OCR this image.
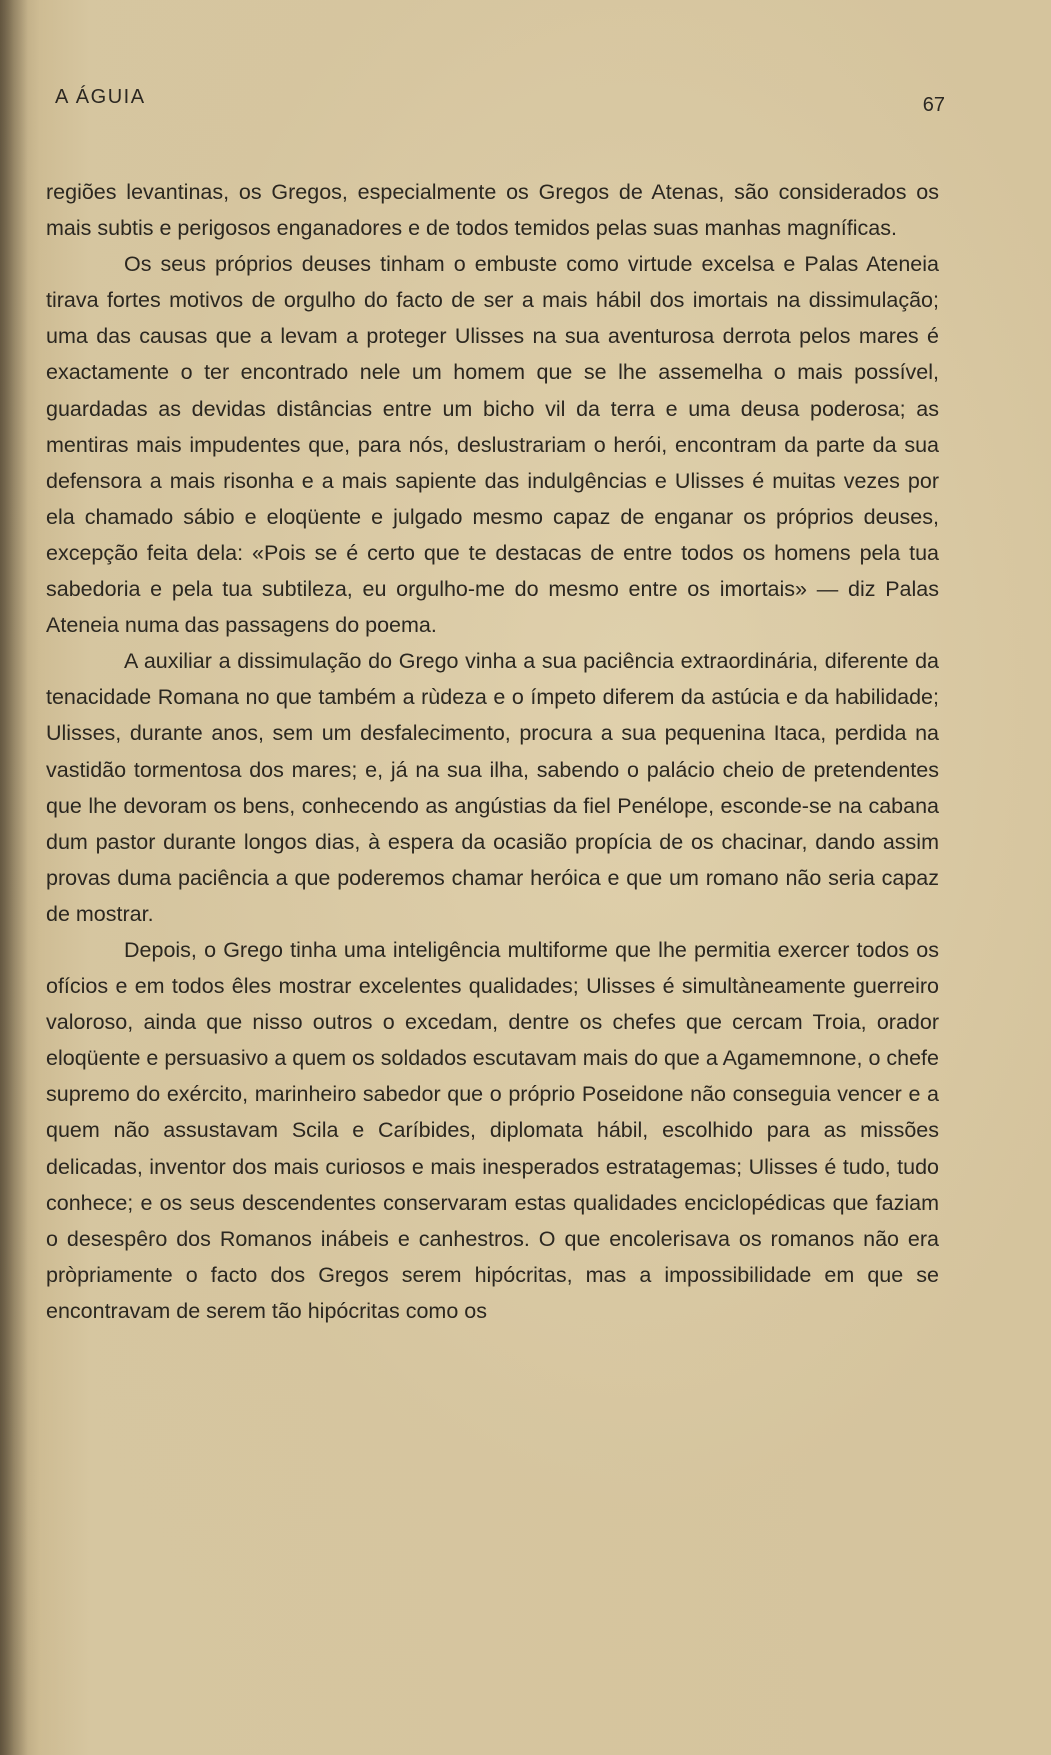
A ÁGUIA	67

regiões levantinas, os Gregos, especialmente os Gregos de Atenas, são considerados os mais subtis e perigosos enganadores e de todos temidos pelas suas manhas magníficas.

Os seus próprios deuses tinham o embuste como virtude excelsa e Palas Ateneia tirava fortes motivos de orgulho do facto de ser a mais hábil dos imortais na dissimulação; uma das causas que a levam a proteger Ulisses na sua aventurosa derrota pelos mares é exactamente o ter encontrado nele um homem que se lhe assemelha o mais possível, guardadas as devidas distâncias entre um bicho vil da terra e uma deusa poderosa; as mentiras mais impudentes que, para nós, deslustrariam o herói, encontram da parte da sua defensora a mais risonha e a mais sapiente das indulgências e Ulisses é muitas vezes por ela chamado sábio e eloqüente e julgado mesmo capaz de enganar os próprios deuses, excepção feita dela: «Pois se é certo que te destacas de entre todos os homens pela tua sabedoria e pela tua subtileza, eu orgulho-me do mesmo entre os imortais» — diz Palas Ateneia numa das passagens do poema.

A auxiliar a dissimulação do Grego vinha a sua paciência extraordinária, diferente da tenacidade Romana no que também a rùdeza e o ímpeto diferem da astúcia e da habilidade; Ulisses, durante anos, sem um desfalecimento, procura a sua pequenina Itaca, perdida na vastidão tormentosa dos mares; e, já na sua ilha, sabendo o palácio cheio de pretendentes que lhe devoram os bens, conhecendo as angústias da fiel Penélope, esconde-se na cabana dum pastor durante longos dias, à espera da ocasião propícia de os chacinar, dando assim provas duma paciência a que poderemos chamar heróica e que um romano não seria capaz de mostrar.

Depois, o Grego tinha uma inteligência multiforme que lhe permitia exercer todos os ofícios e em todos êles mostrar excelentes qualidades; Ulisses é simultàneamente guerreiro valoroso, ainda que nisso outros o excedam, dentre os chefes que cercam Troia, orador eloqüente e persuasivo a quem os soldados escutavam mais do que a Agamemnone, o chefe supremo do exército, marinheiro sabedor que o próprio Poseidone não conseguia vencer e a quem não assustavam Scila e Caríbides, diplomata hábil, escolhido para as missões delicadas, inventor dos mais curiosos e mais inesperados estratagemas; Ulisses é tudo, tudo conhece; e os seus descendentes conservaram estas qualidades enciclopédicas que faziam o desespêro dos Romanos inábeis e canhestros. O que encolerisava os romanos não era pròpriamente o facto dos Gregos serem hipócritas, mas a impossibilidade em que se encontravam de serem tão hipócritas como os
